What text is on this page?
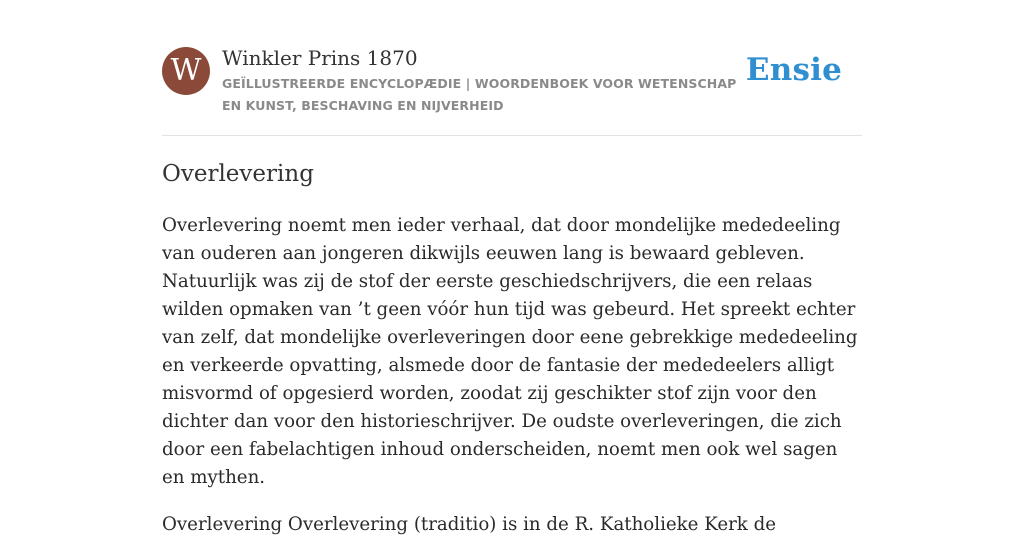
W	Winkler Prins 1870
GEÏLLUSTREERDE ENCYCLOPÆDIE | WOORDENBOEK VOOR WETENSCHAP EN KUNST, BESCHAVING EN NIJVERHEID
Ensie
Overlevering

Overlevering noemt men ieder verhaal, dat door mondelijke mededeeling van ouderen aan jongeren dikwijls eeuwen lang is bewaard gebleven. Natuurlijk was zij de stof der eerste geschiedschrijvers, die een relaas wilden opmaken van ’t geen vóór hun tijd was gebeurd. Het spreekt echter van zelf, dat mondelijke overleveringen door eene gebrekkige mededeeling en verkeerde opvatting, alsmede door de fantasie der mededeelers alligt misvormd of opgesierd worden, zoodat zij geschikter stof zijn voor den dichter dan voor den historieschrijver. De oudste overleveringen, die zich door een fabelachtigen inhoud onderscheiden, noemt men ook wel sagen en mythen.

Overlevering Overlevering (traditio) is in de R. Katholieke Kerk de
